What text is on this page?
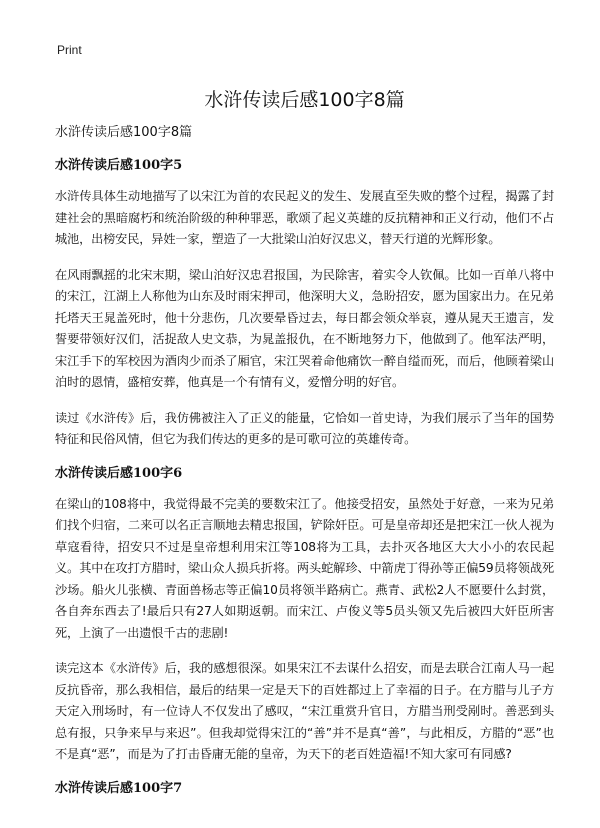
Print
水浒传读后感100字8篇
水浒传读后感100字8篇
水浒传读后感100字5

水浒传具体生动地描写了以宋江为首的农民起义的发生、发展直至失败的整个过程，揭露了封建社会的黑暗腐朽和统治阶级的种种罪恶，歌颂了起义英雄的反抗精神和正义行动，他们不占城池，出榜安民，异姓一家，塑造了一大批梁山泊好汉忠义，替天行道的光辉形象。

在风雨飘摇的北宋末期，梁山泊好汉忠君报国，为民除害，着实令人钦佩。比如一百单八将中的宋江，江湖上人称他为山东及时雨宋押司，他深明大义，急盼招安，愿为国家出力。在兄弟托塔天王晁盖死时，他十分悲伤，几次要晕昏过去，每日都会领众举哀，遵从晁天王遗言，发誓要带领好汉们，活捉敌人史文恭，为晁盖报仇，在不断地努力下，他做到了。他军法严明，宋江手下的军校因为酒肉少而杀了厢官，宋江哭着命他痛饮一醉自缢而死，而后，他顾着梁山泊时的恩情，盛棺安葬，他真是一个有情有义，爱憎分明的好官。

读过《水浒传》后，我仿佛被注入了正义的能量，它恰如一首史诗，为我们展示了当年的国势特征和民俗风情，但它为我们传达的更多的是可歌可泣的英雄传奇。

水浒传读后感100字6

在梁山的108将中，我觉得最不完美的要数宋江了。他接受招安，虽然处于好意，一来为兄弟们找个归宿，二来可以名正言顺地去精忠报国，铲除奸臣。可是皇帝却还是把宋江一伙人视为草寇看待，招安只不过是皇帝想利用宋江等108将为工具，去扑灭各地区大大小小的农民起义。其中在攻打方腊时，梁山众人损兵折将。两头蛇解珍、中箭虎丁得孙等正偏59员将领战死沙场。船火儿张横、青面兽杨志等正偏10员将领半路病亡。燕青、武松2人不愿要什么封赏，各自奔东西去了!最后只有27人如期返朝。而宋江、卢俊义等5员头领又先后被四大奸臣所害死，上演了一出遗恨千古的悲剧!

读完这本《水浒传》后，我的感想很深。如果宋江不去谋什么招安，而是去联合江南人马一起反抗昏帝，那么我相信，最后的结果一定是天下的百姓都过上了幸福的日子。在方腊与儿子方天定入刑场时，有一位诗人不仅发出了感叹，“宋江重赏升官日，方腊当刑受剐时。善恶到头总有报，只争来早与来迟”。但我却觉得宋江的“善”并不是真“善”，与此相反，方腊的“恶”也不是真“恶”，而是为了打击昏庸无能的皇帝，为天下的老百姓造福!不知大家可有同感?

水浒传读后感100字7
